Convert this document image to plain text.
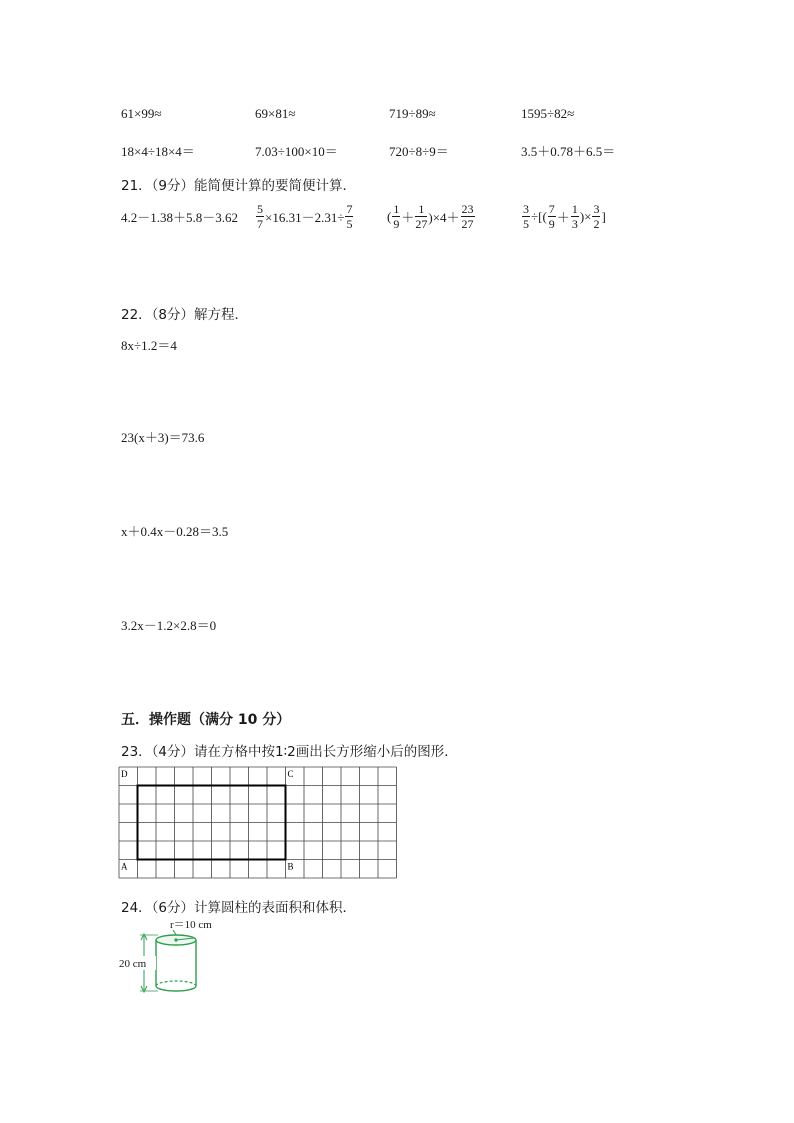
61×99≈	69×81≈	719÷89≈	1595÷82≈
18×4÷18×4＝	7.03÷100×10＝	720÷8÷9＝	3.5＋0.78＋6.5＝
21．（9分）能简便计算的要简便计算．
$4.2-1.38+5.8-3.62 \frac{5}{7} \times 16.31-2.31\div \frac{7}{5}$	( $\frac{1}{9} + \frac{1}{27} )\times 4+ \frac{23}{27}$	$\frac{3}{5}$ ÷[( $\frac{7}{9} + \frac{1}{3}$ )× $\frac{3}{2}$ ]
22．（8分）解方程．
8x÷1.2＝4
23(x＋3)＝73.6
x＋0.4x－0.28＝3.5
3.2x－1.2×2.8＝0
五．操作题（满分 10 分）
23．（4分）请在方格中按1∶2画出长方形缩小后的图形．
D	C
A	B
24．（6分）计算圆柱的表面积和体积．
r＝10 cm
20 cm
